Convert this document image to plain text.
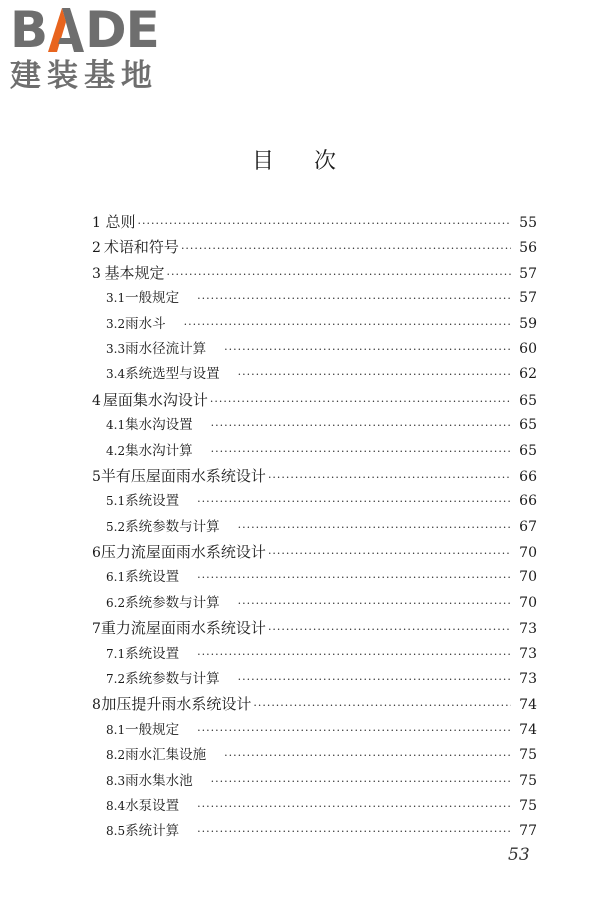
B DE
建装基地
目次
1 总则 ·····	55
2 术语和符号 ·····	56
3 基本规定 ·····	57
3.1 一般规定 ·····	57
3.2 雨水斗 ·····	59
3.3 雨水径流计算 ·····	60
3.4 系统选型与设置 ·····	62
4 屋面集水沟设计 ·····	65
4.1 集水沟设置 ·····	65
4.2 集水沟计算 ·····	65
5 半有压屋面雨水系统设计 ·····	66
5.1 系统设置 ·····	66
5.2 系统参数与计算 ·····	67
6 压力流屋面雨水系统设计 ·····	70
6.1 系统设置 ·····	70
6.2 系统参数与计算 ·····	70
7 重力流屋面雨水系统设计 ·····	73
7.1 系统设置 ·····	73
7.2 系统参数与计算 ·····	73
8 加压提升雨水系统设计 ·····	74
8.1 一般规定 ·····	74
8.2 雨水汇集设施 ·····	75
8.3 雨水集水池 ·····	75
8.4 水泵设置 ·····	75
8.5 系统计算 ·····	77
53
